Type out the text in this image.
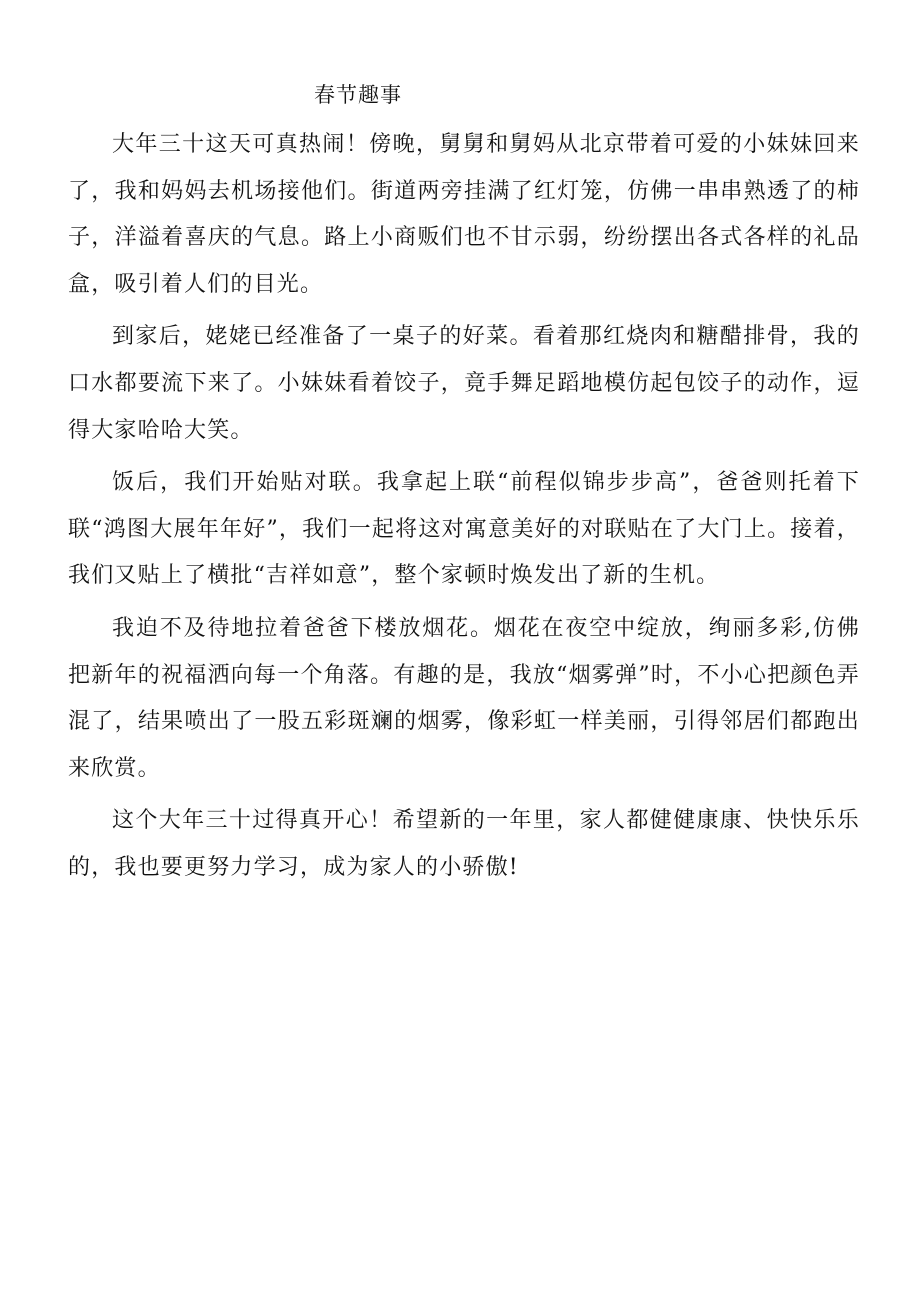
春节趣事

大年三十这天可真热闹！傍晚，舅舅和舅妈从北京带着可爱的小妹妹回来了，我和妈妈去机场接他们。街道两旁挂满了红灯笼，仿佛一串串熟透了的柿子，洋溢着喜庆的气息。路上小商贩们也不甘示弱，纷纷摆出各式各样的礼品盒，吸引着人们的目光。

到家后，姥姥已经准备了一桌子的好菜。看着那红烧肉和糖醋排骨，我的口水都要流下来了。小妹妹看着饺子，竟手舞足蹈地模仿起包饺子的动作，逗得大家哈哈大笑。

饭后，我们开始贴对联。我拿起上联“前程似锦步步高”，爸爸则托着下联“鸿图大展年年好”，我们一起将这对寓意美好的对联贴在了大门上。接着，我们又贴上了横批“吉祥如意”，整个家顿时焕发出了新的生机。

我迫不及待地拉着爸爸下楼放烟花。烟花在夜空中绽放，绚丽多彩,仿佛把新年的祝福洒向每一个角落。有趣的是，我放“烟雾弹”时，不小心把颜色弄混了，结果喷出了一股五彩斑斓的烟雾，像彩虹一样美丽，引得邻居们都跑出来欣赏。

这个大年三十过得真开心！希望新的一年里，家人都健健康康、快快乐乐的，我也要更努力学习，成为家人的小骄傲!
